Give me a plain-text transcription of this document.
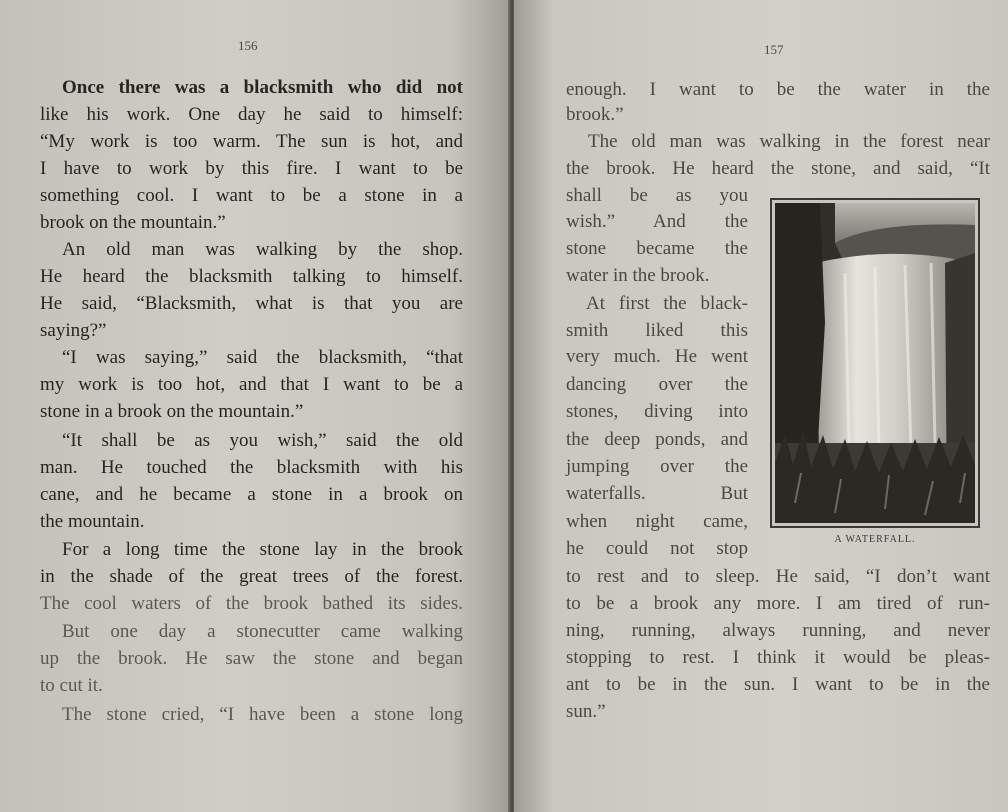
156
Once there was a blacksmith who did not
like his work. One day he said to himself:
“My work is too warm. The sun is hot, and
I have to work by this fire. I want to be
something cool. I want to be a stone in a
brook on the mountain.”
An old man was walking by the shop.
He heard the blacksmith talking to himself.
He said, “Blacksmith, what is that you are
saying?”
“I was saying,” said the blacksmith, “that
my work is too hot, and that I want to be a
stone in a brook on the mountain.”
“It shall be as you wish,” said the old
man. He touched the blacksmith with his
cane, and he became a stone in a brook on
the mountain.
For a long time the stone lay in the brook
in the shade of the great trees of the forest.
The cool waters of the brook bathed its sides.
But one day a stonecutter came walking
up the brook. He saw the stone and began
to cut it.
The stone cried, “I have been a stone long
157
enough. I want to be the water in the
brook.”
The old man was walking in the forest near
the brook. He heard the stone, and said, “It
shall be as you
wish.” And the
stone became the
water in the brook.
At first the black-
smith liked this
very much. He went
dancing over the
stones, diving into
the deep ponds, and
jumping over the
waterfalls. But
when night came,
he could not stop
to rest and to sleep. He said, “I don’t want
to be a brook any more. I am tired of run-
ning, running, always running, and never
stopping to rest. I think it would be pleas-
ant to be in the sun. I want to be in the
sun.”
A WATERFALL.
